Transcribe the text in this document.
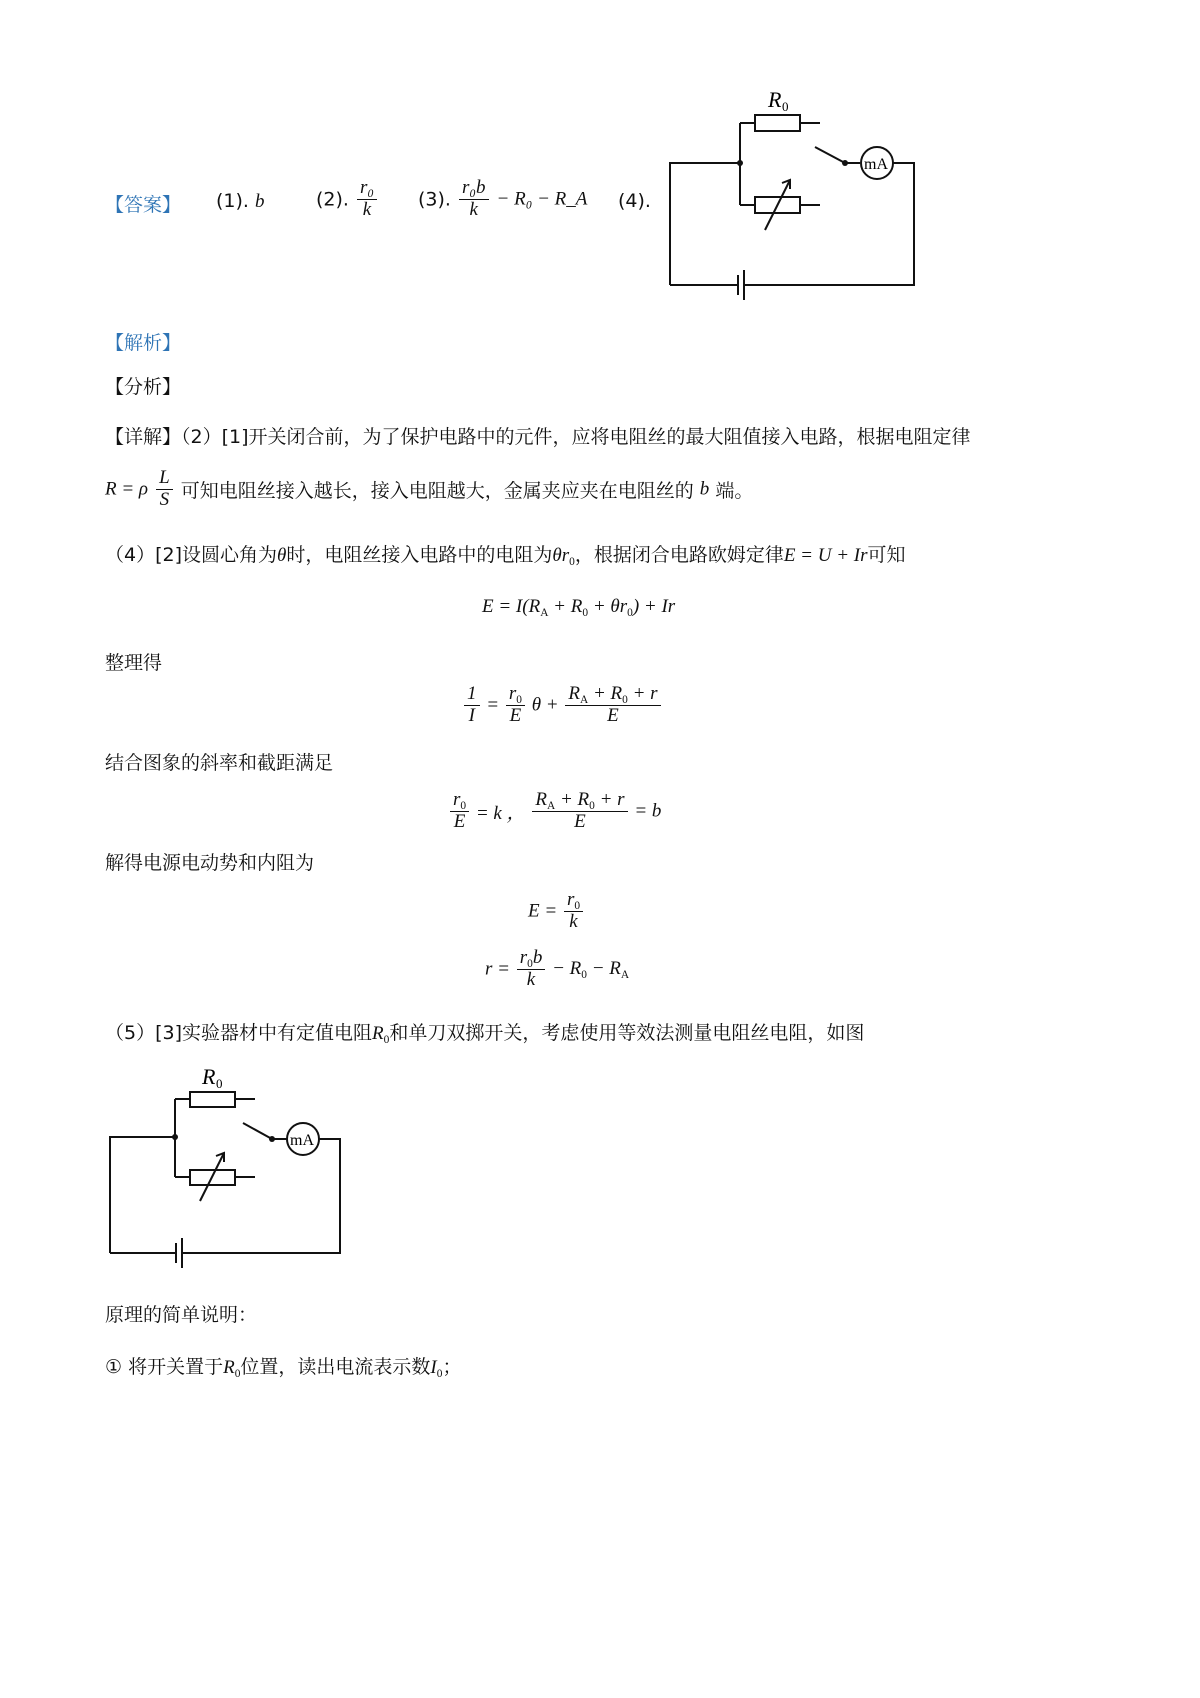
【答案】 (1). b	(2). $\frac{\text{r₀}}{k} (3)$. $\frac{\text{r₀b}}{k} - R_0$ − R_A (4).
R 0
mA
【解析】
【分析】
【详解】（2）[1]开关闭合前，为了保护电路中的元件，应将电阻丝的最大阻值接入电路，根据电阻定律
R = ρ $\frac{L}{S}$ 可知电阻丝接入越长，接入电阻越大，金属夹应夹在电阻丝的 b 端。
（4）[2]设圆心角为θ时，电阻丝接入电路中的电阻为$\theta r_0$，根据闭合电路欧姆定律E = U + Ir可知
$E = I(R_A + R_0 + \theta r_0) + Ir$
整理得
$\frac{1}{I} = \frac{r_0}{E}$ $\theta + \frac{R_A + R_0 + r}{E}$
结合图象的斜率和截距满足
$\frac{r_0}{E} = k$ ， $\frac{R_A + R_0 + r}{E} = b$
解得电源电动势和内阻为
$E = \frac{r_0}{k}$
$r = \frac{r_0b}{k} - R_0 - R_A$
（5）[3]实验器材中有定值电阻$R_0$和单刀双掷开关，考虑使用等效法测量电阻丝电阻，如图
R 0
mA
原理的简单说明：
① 将开关置于$R_0$位置，读出电流表示数$I_0$；
